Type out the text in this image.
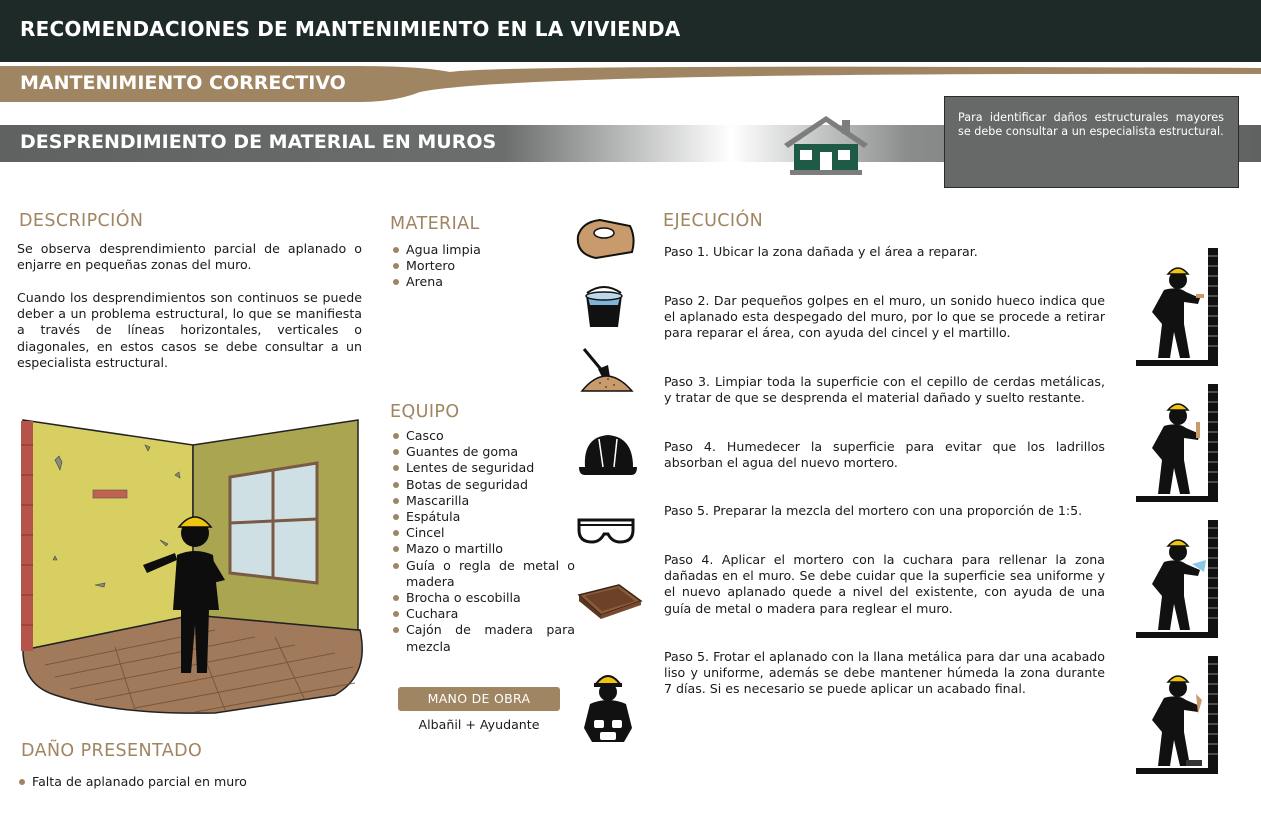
RECOMENDACIONES DE MANTENIMIENTO EN LA VIVIENDA
MANTENIMIENTO CORRECTIVO
DESPRENDIMIENTO DE MATERIAL EN MUROS
Para identificar daños estructurales mayores se debe consultar a un especialista estructural.
DESCRIPCIÓN

Se observa desprendimiento parcial de aplanado o enjarre en pequeñas zonas del muro.

Cuando los desprendimientos son continuos se puede deber a un problema estructural, lo que se manifiesta a través de líneas horizontales, verticales o diagonales, en estos casos se debe consultar a un especialista estructural.

DAÑO PRESENTADO
Falta de aplanado parcial en muro
MATERIAL
Agua limpia
Mortero
Arena
EQUIPO
Casco
Guantes de goma
Lentes de seguridad
Botas de seguridad
Mascarilla
Espátula
Cincel
Mazo o martillo
Guía o regla de metal o madera
Brocha o escobilla
Cuchara
Cajón de madera para mezcla
MANO DE OBRA
Albañil + Ayudante
EJECUCIÓN

Paso 1. Ubicar la zona dañada y el área a reparar.

Paso 2. Dar pequeños golpes en el muro, un sonido hueco indica que el aplanado esta despegado del muro, por lo que se procede a retirar para reparar el área, con ayuda del cincel y el martillo.

Paso 3. Limpiar toda la superficie con el cepillo de cerdas metálicas, y tratar de que se desprenda el material dañado y suelto restante.

Paso 4. Humedecer la superficie para evitar que los ladrillos absorban el agua del nuevo mortero.

Paso 5. Preparar la mezcla del mortero con una proporción de 1:5.

Paso 4. Aplicar el mortero con la cuchara para rellenar la zona dañadas en el muro. Se debe cuidar que la superficie sea uniforme y el nuevo aplanado quede a nivel del existente, con ayuda de una guía de metal o madera para reglear el muro.

Paso 5. Frotar el aplanado con la llana metálica para dar una acabado liso y uniforme, además se debe mantener húmeda la zona durante 7 días. Si es necesario se puede aplicar un acabado final.
